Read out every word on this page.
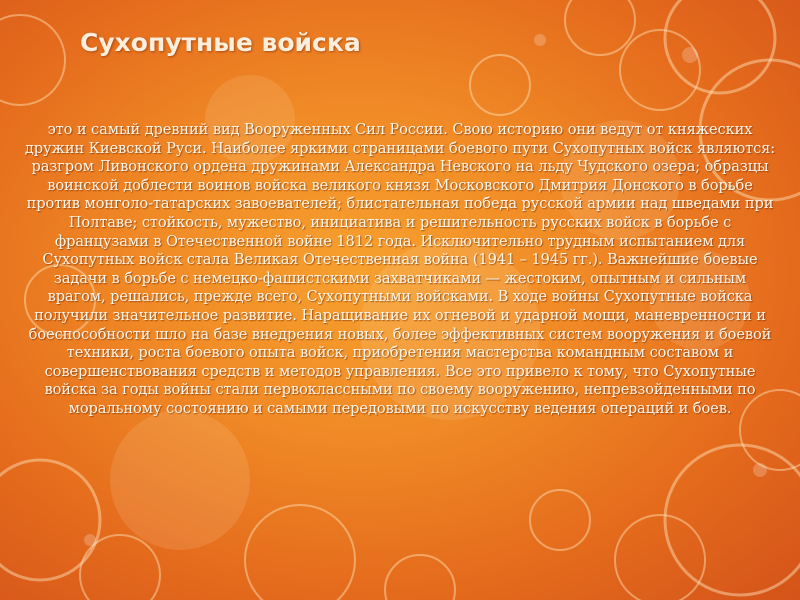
Сухопутные войска

это и самый древний вид Вооруженных Сил России. Свою историю они ведут от княжеских дружин Киевской Руси. Наиболее яркими страницами боевого пути Сухопутных войск являются: разгром Ливонского ордена дружинами Александра Невского на льду Чудского озера; образцы воинской доблести воинов войска великого князя Московского Дмитрия Донского в борьбе против монголо-татарских завоевателей; блистательная победа русской армии над шведами при Полтаве; стойкость, мужество, инициатива и решительность русских войск в борьбе с французами в Отечественной войне 1812 года. Исключительно трудным испытанием для Сухопутных войск стала Великая Отечественная война (1941 – 1945 гг.). Важнейшие боевые задачи в борьбе с немецко-фашистскими захватчиками — жестоким, опытным и сильным врагом, решались, прежде всего, Сухопутными войсками. В ходе войны Сухопутные войска получили значительное развитие. Наращивание их огневой и ударной мощи, маневренности и боеспособности шло на базе внедрения новых, более эффективных систем вооружения и боевой техники, роста боевого опыта войск, приобретения мастерства командным составом и совершенствования средств и методов управления. Все это привело к тому, что Сухопутные войска за годы войны стали первоклассными по своему вооружению, непревзойденными по моральному состоянию и самыми передовыми по искусству ведения операций и боев.
